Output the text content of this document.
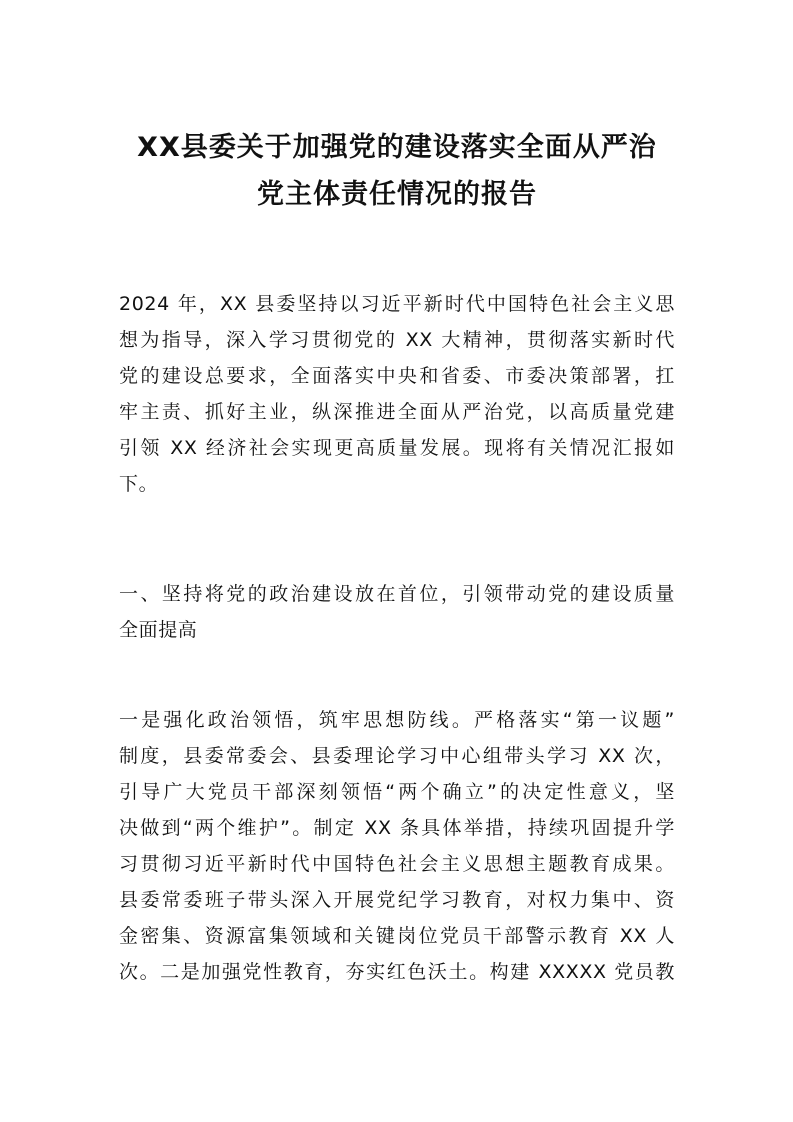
XX县委关于加强党的建设落实全面从严治
党主体责任情况的报告

2024 年，XX 县委坚持以习近平新时代中国特色社会主义思
想为指导，深入学习贯彻党的 XX 大精神，贯彻落实新时代
党的建设总要求，全面落实中央和省委、市委决策部署，扛
牢主责、抓好主业，纵深推进全面从严治党，以高质量党建
引领 XX 经济社会实现更高质量发展。现将有关情况汇报如
下。

一、坚持将党的政治建设放在首位，引领带动党的建设质量
全面提高

一是强化政治领悟，筑牢思想防线。严格落实“第一议题”
制度，县委常委会、县委理论学习中心组带头学习 XX 次，
引导广大党员干部深刻领悟“两个确立”的决定性意义，坚
决做到“两个维护”。制定 XX 条具体举措，持续巩固提升学
习贯彻习近平新时代中国特色社会主义思想主题教育成果。
县委常委班子带头深入开展党纪学习教育，对权力集中、资
金密集、资源富集领域和关键岗位党员干部警示教育 XX 人
次。二是加强党性教育，夯实红色沃土。构建 XXXXX 党员教
